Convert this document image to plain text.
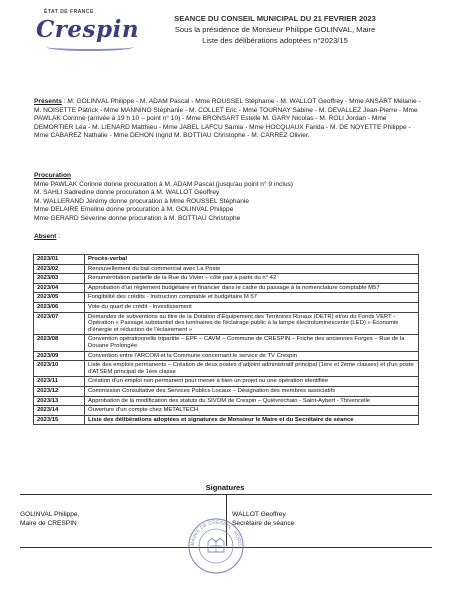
ÉTAT DE FRANCE
Crespin	SEANCE DU CONSEIL MUNICIPAL DU 21 FEVRIER 2023
Sous la présidence de Monsieur Philippe GOLINVAL, Maire
Liste des délibérations adoptées n°2023/15
Présents : M. GOLINVAL Philippe - M. ADAM Pascal - Mme ROUSSEL Stéphanie - M. WALLOT Geoffrey - Mme ANSART Mélanie - M. NOISETTE Patrick - Mme MANNINO Stéphanie - M. COLLET Eric - Mme TOURNAY Sabine - M. DEVALLEZ Jean-Pierre - Mme PAWLAK Corinne (arrivée à 19 h 10 – point n° 10) - Mme BRONSART Estelle M. GARY Nicolas - M. ROLI Jordan - Mme DEMORTIER Léa - M. LIENARD Matthieu - Mme JABEL LAFCU Samia - Mme HOCQUAUX Farida - M. DE NOYETTE Philippe - Mme CABAREZ Nathalie - Mme DEHON Ingrid M. BOTTIAU Christophe - M. CARREZ Olivier.
Procuration
Mme PAWLAK Corinne donne procuration à M. ADAM Pascal (jusqu'au point n° 9 inclus)
M. SAHLI Sadredine donne procuration à M. WALLOT Geoffrey
M. WALLERAND Jérémy donne procuration à Mme ROUSSEL Stéphanie
Mme DELAIRE Emeline donne procuration à M. GOLINVAL Philippe
Mme GERARD Séverine donne procuration à M. BOTTIAU Christophe
Absent :
2023/01	Procès-verbal
2023/02	Renouvellement du bail commercial avec La Poste
2023/03	Renumérotation partielle de la Rue du Vivier – côté pair à partir du n° 42
2023/04	Approbation d'un règlement budgétaire et financier dans le cadre du passage à la nomenclature comptable M57
2023/05	Fongibilité des crédits - Instruction comptable et budgétaire M 57
2023/06	Vote du quart de crédit - Investissement
2023/07	Demandes de subventions au titre de la Dotation d'Équipement des Territoires Ruraux (DETR) et/ou du Fonds VERT - Opération « Passage substantiel des luminaires de l'éclairage public à la lampe électroluminescente (LED) » Économie d'énergie et réduction de l'éclairement »
2023/08	Convention opérationnelle tripartite – EPF – CAVM – Commune de CRESPIN – Friche des anciennes Forges – Rue de la Douane Prolongée
2023/09	Convention entre l'ARCOM et la Commune concernant le service de TV Crespin
2023/10	Liste des emplois permanents – Création de deux postes d'adjoint administratif principal (1ère et 2ème classes) et d'un poste d'ATSEM principal de 1ère classe
2023/11	Création d'un emploi non permanent pour mener à bien un projet ou une opération identifiée
2023/12	Commission Consultative des Services Publics Locaux – Désignation des membres associatifs
2023/13	Approbation de la modification des statuts du SIVOM de Crespin – Quiévrechain - Saint-Aybert - Thivencelle
2023/14	Ouverture d'un compte chez METALTECH
2023/15	Liste des délibérations adoptées et signatures de Monsieur le Maire et du Secrétaire de séance
Signatures
GOLINVAL Philippe,
Maire de CRESPIN
WALLOT Geoffrey
Secrétaire de séance
MAIRIE DE CRESPIN · NORD ·
